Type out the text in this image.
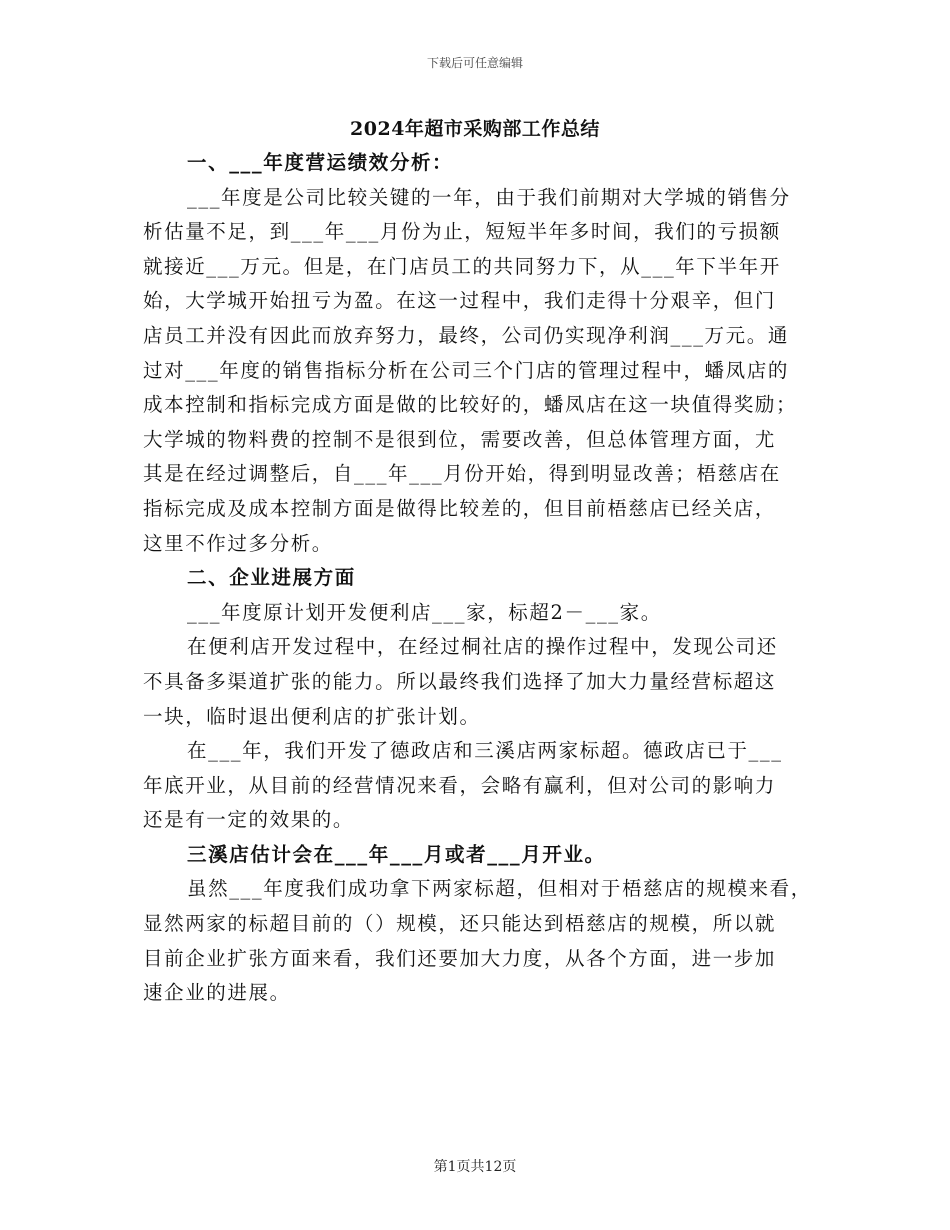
下载后可任意编辑
2024年超市采购部工作总结
一、___年度营运绩效分析：
___年度是公司比较关键的一年，由于我们前期对大学城的销售分
析估量不足，到___年___月份为止，短短半年多时间，我们的亏损额
就接近___万元。但是，在门店员工的共同努力下，从___年下半年开
始，大学城开始扭亏为盈。在这一过程中，我们走得十分艰辛，但门
店员工并没有因此而放弃努力，最终，公司仍实现净利润___万元。通
过对___年度的销售指标分析在公司三个门店的管理过程中，蟠凤店的
成本控制和指标完成方面是做的比较好的，蟠凤店在这一块值得奖励；
大学城的物料费的控制不是很到位，需要改善，但总体管理方面，尤
其是在经过调整后，自___年___月份开始，得到明显改善；梧慈店在
指标完成及成本控制方面是做得比较差的，但目前梧慈店已经关店，
这里不作过多分析。
二、企业进展方面
___年度原计划开发便利店___家，标超2－___家。
在便利店开发过程中，在经过桐社店的操作过程中，发现公司还
不具备多渠道扩张的能力。所以最终我们选择了加大力量经营标超这
一块，临时退出便利店的扩张计划。
在___年，我们开发了德政店和三溪店两家标超。德政店已于___
年底开业，从目前的经营情况来看，会略有赢利，但对公司的影响力
还是有一定的效果的。
三溪店估计会在___年___月或者___月开业。
虽然___年度我们成功拿下两家标超，但相对于梧慈店的规模来看，
显然两家的标超目前的（）规模，还只能达到梧慈店的规模，所以就
目前企业扩张方面来看，我们还要加大力度，从各个方面，进一步加
速企业的进展。
第1页共12页
